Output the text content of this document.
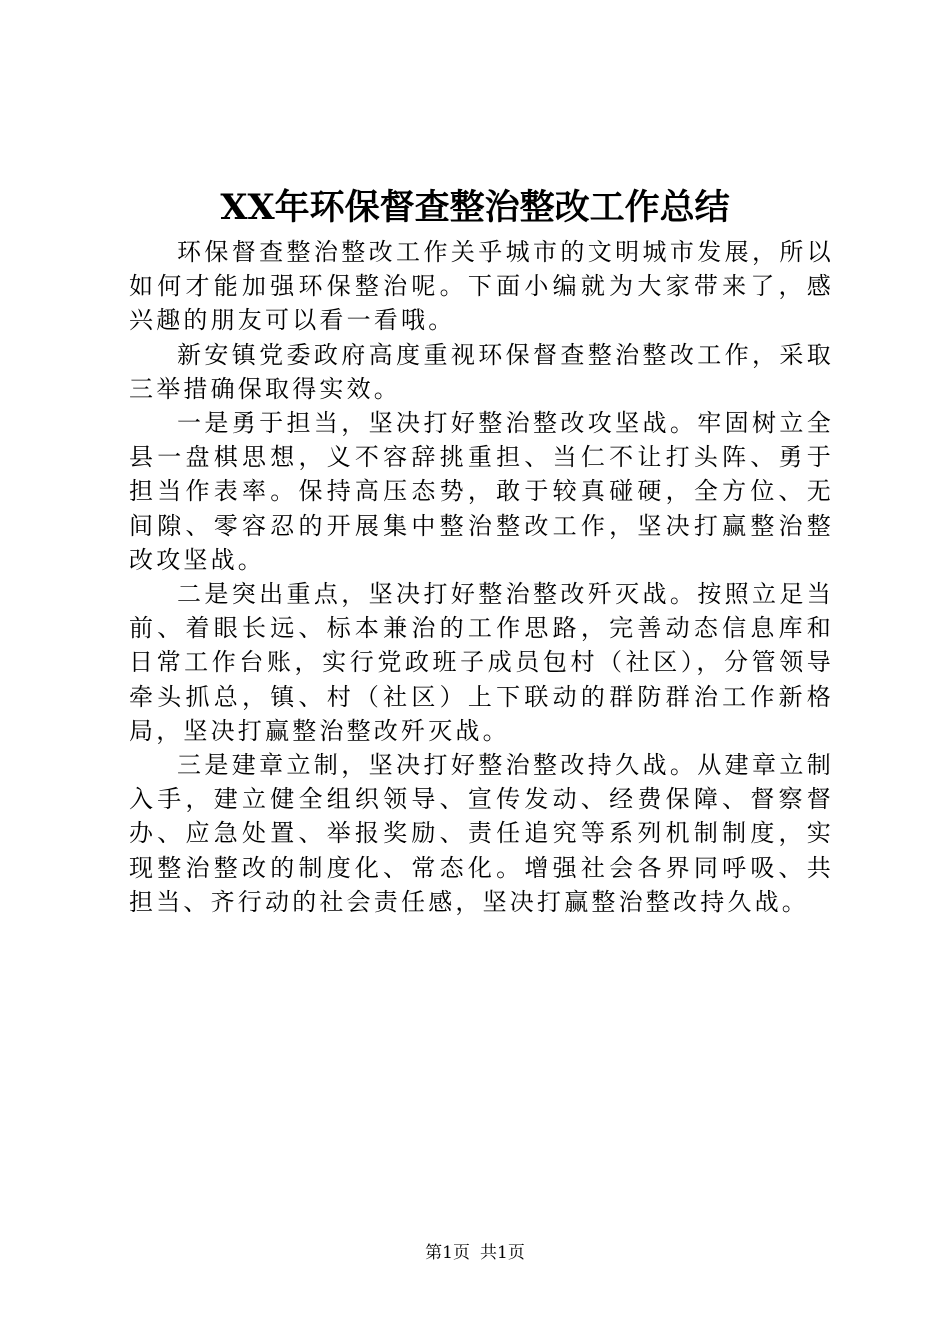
XX年环保督查整治整改工作总结

环保督查整治整改工作关乎城市的文明城市发展，所以如何才能加强环保整治呢。下面小编就为大家带来了，感兴趣的朋友可以看一看哦。

新安镇党委政府高度重视环保督查整治整改工作，采取三举措确保取得实效。

一是勇于担当，坚决打好整治整改攻坚战。牢固树立全县一盘棋思想，义不容辞挑重担、当仁不让打头阵、勇于担当作表率。保持高压态势，敢于较真碰硬，全方位、无间隙、零容忍的开展集中整治整改工作，坚决打赢整治整改攻坚战。

二是突出重点，坚决打好整治整改歼灭战。按照立足当前、着眼长远、标本兼治的工作思路，完善动态信息库和日常工作台账，实行党政班子成员包村（社区），分管领导牵头抓总，镇、村（社区）上下联动的群防群治工作新格局，坚决打赢整治整改歼灭战。

三是建章立制，坚决打好整治整改持久战。从建章立制入手，建立健全组织领导、宣传发动、经费保障、督察督办、应急处置、举报奖励、责任追究等系列机制制度，实现整治整改的制度化、常态化。增强社会各界同呼吸、共担当、齐行动的社会责任感，坚决打赢整治整改持久战。

第1页 共1页
